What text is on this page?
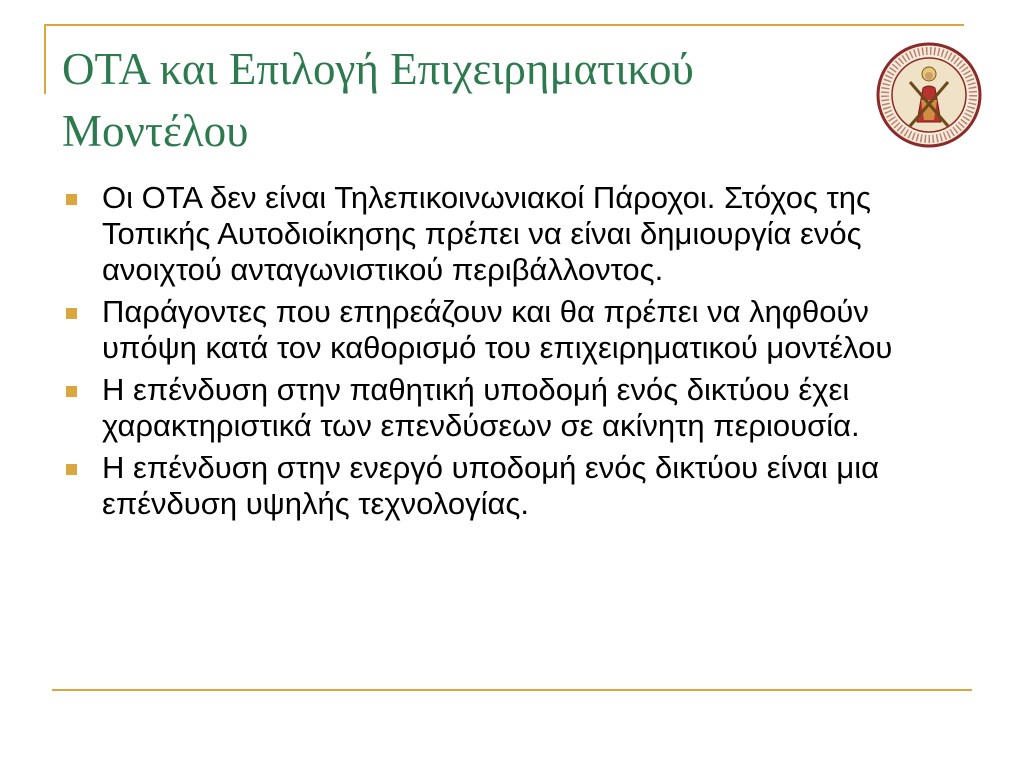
ΟΤΑ και Επιλογή Επιχειρηματικού Μοντέλου
Οι ΟΤΑ δεν είναι Τηλεπικοινωνιακοί Πάροχοι. Στόχος της Τοπικής Αυτοδιοίκησης πρέπει να είναι δημιουργία ενός ανοιχτού ανταγωνιστικού περιβάλλοντος.
Παράγοντες που επηρεάζουν και θα πρέπει να ληφθούν υπόψη κατά τον καθορισμό του επιχειρηματικού μοντέλου
Η επένδυση στην παθητική υποδομή ενός δικτύου έχει χαρακτηριστικά των επενδύσεων σε ακίνητη περιουσία.
Η επένδυση στην ενεργό υποδομή ενός δικτύου είναι μια επένδυση υψηλής τεχνολογίας.
